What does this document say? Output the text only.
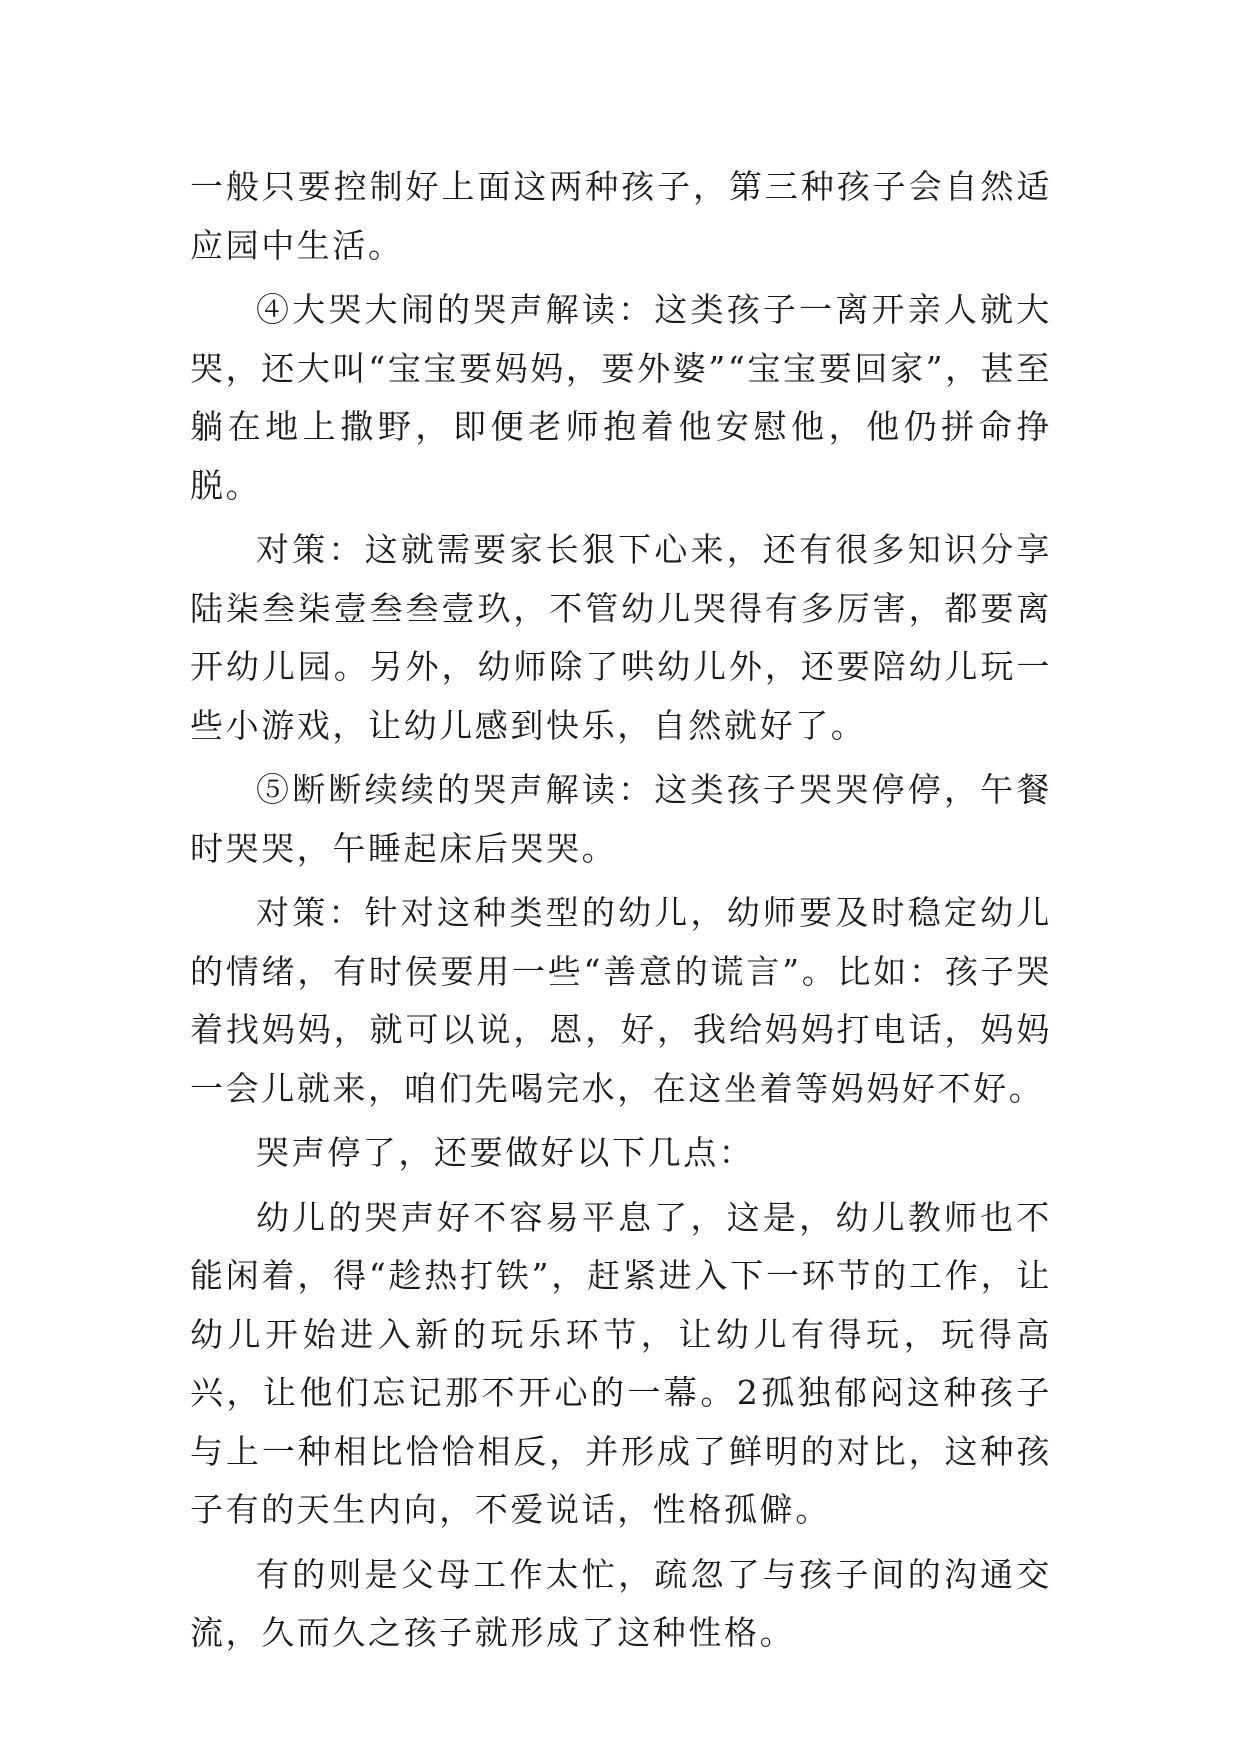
一般只要控制好上面这两种孩子，第三种孩子会自然适应园中生活。

④大哭大闹的哭声解读：这类孩子一离开亲人就大哭，还大叫“宝宝要妈妈，要外婆”“宝宝要回家”，甚至躺在地上撒野，即便老师抱着他安慰他，他仍拼命挣脱。

对策：这就需要家长狠下心来，还有很多知识分享陆柒叁柒壹叁叁壹玖，不管幼儿哭得有多厉害，都要离开幼儿园。另外，幼师除了哄幼儿外，还要陪幼儿玩一些小游戏，让幼儿感到快乐，自然就好了。

⑤断断续续的哭声解读：这类孩子哭哭停停，午餐时哭哭，午睡起床后哭哭。

对策：针对这种类型的幼儿，幼师要及时稳定幼儿的情绪，有时侯要用一些“善意的谎言”。比如：孩子哭着找妈妈，就可以说，恩，好，我给妈妈打电话，妈妈一会儿就来，咱们先喝完水，在这坐着等妈妈好不好。

哭声停了，还要做好以下几点：

幼儿的哭声好不容易平息了，这是，幼儿教师也不能闲着，得“趁热打铁”，赶紧进入下一环节的工作，让幼儿开始进入新的玩乐环节，让幼儿有得玩，玩得高兴，让他们忘记那不开心的一幕。2孤独郁闷这种孩子与上一种相比恰恰相反，并形成了鲜明的对比，这种孩子有的天生内向，不爱说话，性格孤僻。

有的则是父母工作太忙，疏忽了与孩子间的沟通交流，久而久之孩子就形成了这种性格。
